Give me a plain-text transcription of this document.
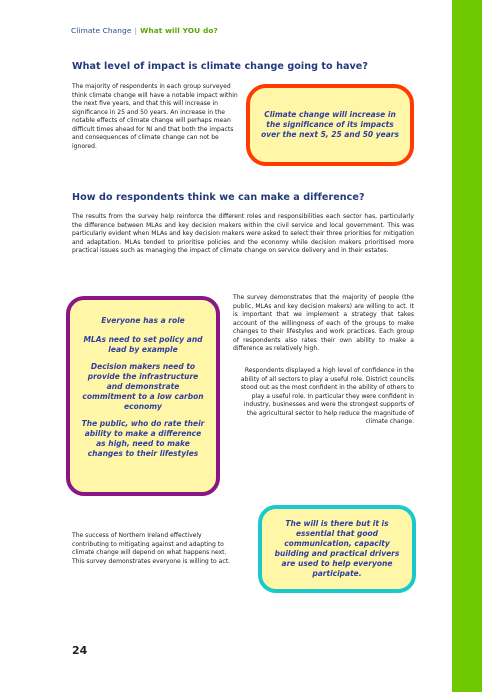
Climate Change | What will YOU do?
What level of impact is climate change going to have?

The majority of respondents in each group surveyed think climate change will have a notable impact within the next five years, and that this will increase in significance in 25 and 50 years. An increase in the notable effects of climate change will perhaps mean difficult times ahead for NI and that both the impacts and consequences of climate change can not be ignored.

Climate change will increase in the significance of its impacts over the next 5, 25 and 50 years
How do respondents think we can make a difference?

The results from the survey help reinforce the different roles and responsibilities each sector has, particularly the difference between MLAs and key decision makers within the civil service and local government. This was particularly evident when MLAs and key decision makers were asked to select their three priorities for mitigation and adaptation. MLAs tended to prioritise policies and the economy while decision makers prioritised more practical issues such as managing the impact of climate change on service delivery and in their estates.

Everyone has a role
MLAs need to set policy and lead by example
Decision makers need to provide the infrastructure and demonstrate commitment to a low carbon economy
The public, who do rate their ability to make a difference as high, need to make changes to their lifestyles

The survey demonstrates that the majority of people (the public, MLAs and key decision makers) are willing to act. It is important that we implement a strategy that takes account of the willingness of each of the groups to make changes to their lifestyles and work practices. Each group of respondents also rates their own ability to make a difference as relatively high.

Respondents displayed a high level of confidence in the ability of all sectors to play a useful role. District councils stood out as the most confident in the ability of others to play a useful role. In particular they were confident in industry, businesses and were the strongest supports of the agricultural sector to help reduce the magnitude of climate change.

The success of Northern Ireland effectively contributing to mitigating against and adapting to climate change will depend on what happens next. This survey demonstrates everyone is willing to act.

The will is there but it is essential that good communication, capacity building and practical drivers are used to help everyone participate.
24
